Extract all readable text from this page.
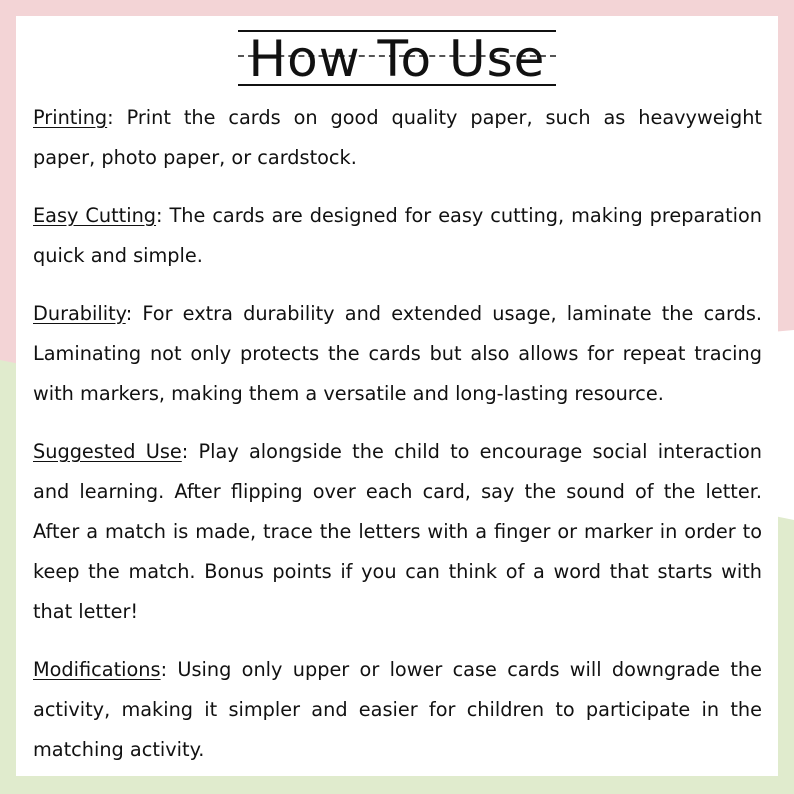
How To Use

Printing: Print the cards on good quality paper, such as heavyweight paper, photo paper, or cardstock.

Easy Cutting: The cards are designed for easy cutting, making preparation quick and simple.

Durability: For extra durability and extended usage, laminate the cards. Laminating not only protects the cards but also allows for repeat tracing with markers, making them a versatile and long-lasting resource.

Suggested Use: Play alongside the child to encourage social interaction and learning. After flipping over each card, say the sound of the letter. After a match is made, trace the letters with a finger or marker in order to keep the match. Bonus points if you can think of a word that starts with that letter!

Modifications: Using only upper or lower case cards will downgrade the activity, making it simpler and easier for children to participate in the matching activity.
